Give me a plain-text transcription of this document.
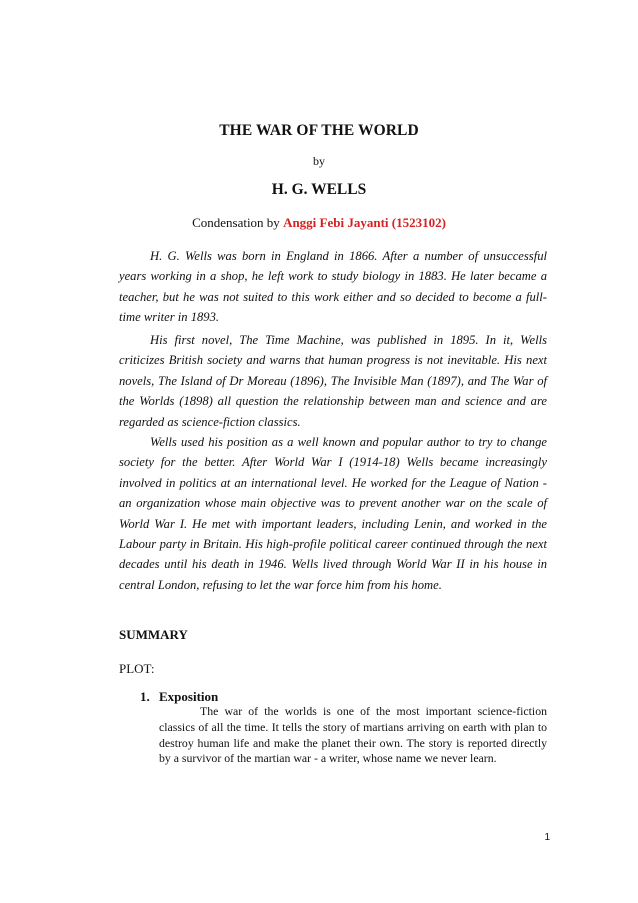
THE WAR OF THE WORLD
by
H. G. WELLS
Condensation by Anggi Febi Jayanti (1523102)

H. G. Wells was born in England in 1866. After a number of unsuccessful years working in a shop, he left work to study biology in 1883. He later became a teacher, but he was not suited to this work either and so decided to become a full-time writer in 1893.

His first novel, The Time Machine, was published in 1895. In it, Wells criticizes British society and warns that human progress is not inevitable. His next novels, The Island of Dr Moreau (1896), The Invisible Man (1897), and The War of the Worlds (1898) all question the relationship between man and science and are regarded as science-fiction classics.

Wells used his position as a well known and popular author to try to change society for the better. After World War I (1914-18) Wells became increasingly involved in politics at an international level. He worked for the League of Nation - an organization whose main objective was to prevent another war on the scale of World War I. He met with important leaders, including Lenin, and worked in the Labour party in Britain. His high-profile political career continued through the next decades until his death in 1946. Wells lived through World War II in his house in central London, refusing to let the war force him from his home.

SUMMARY

PLOT:

1. Exposition

The war of the worlds is one of the most important science-fiction classics of all the time. It tells the story of martians arriving on earth with plan to destroy human life and make the planet their own. The story is reported directly by a survivor of the martian war - a writer, whose name we never learn.

1
